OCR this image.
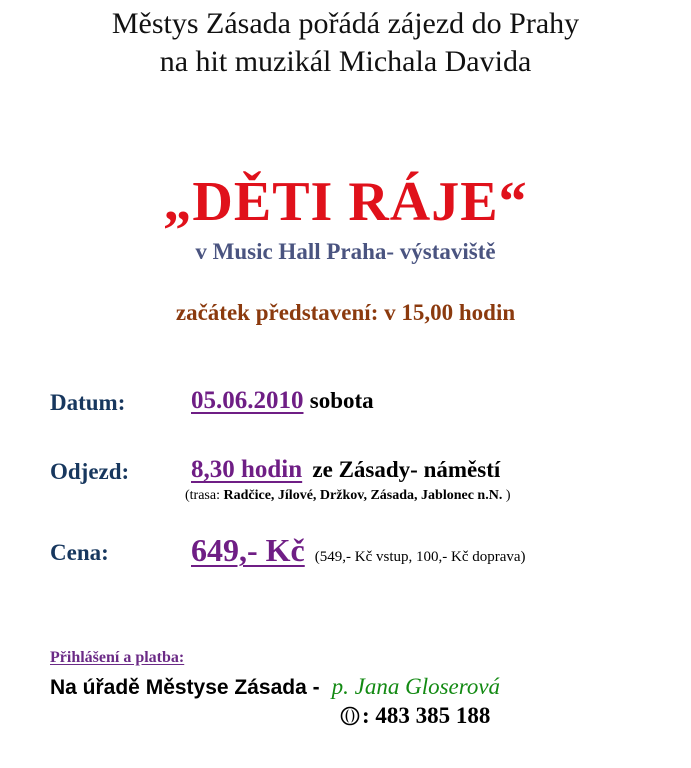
Městys Zásada pořádá zájezd do Prahy
na hit muzikál Michala Davida
„DĚTI RÁJE“
v Music Hall Praha- výstaviště
začátek představení: v 15,00 hodin
Datum:	05.06.2010 sobota
Odjezd: 8,30 hodin ze Zásady- náměstí
(trasa: Radčice, Jílové, Držkov, Zásada, Jablonec n.N. )
Cena:	649,- Kč (549,- Kč vstup, 100,- Kč doprava)
Přihlášení a platba:
Na úřadě Městyse Zásada - p. Jana Gloserová
: 483 385 188
